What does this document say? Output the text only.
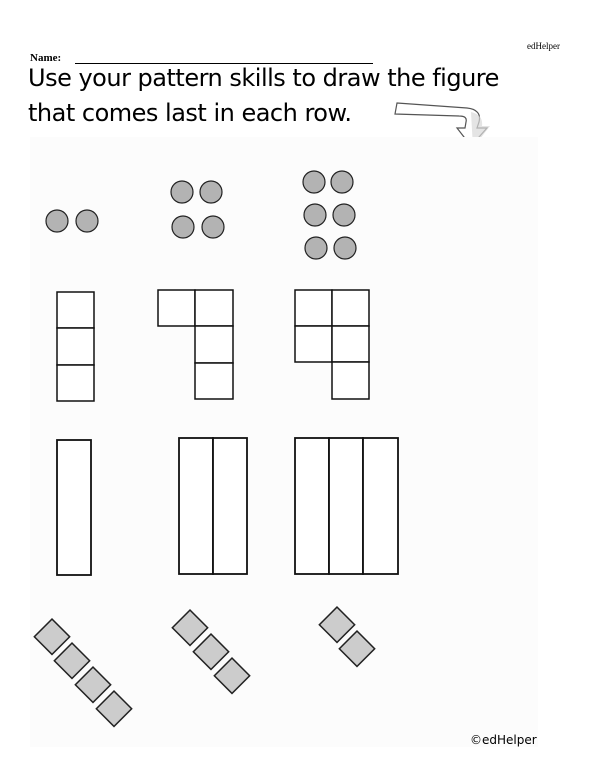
edHelper
Name:
Use your pattern skills to draw the figure
that comes last in each row.
©edHelper
